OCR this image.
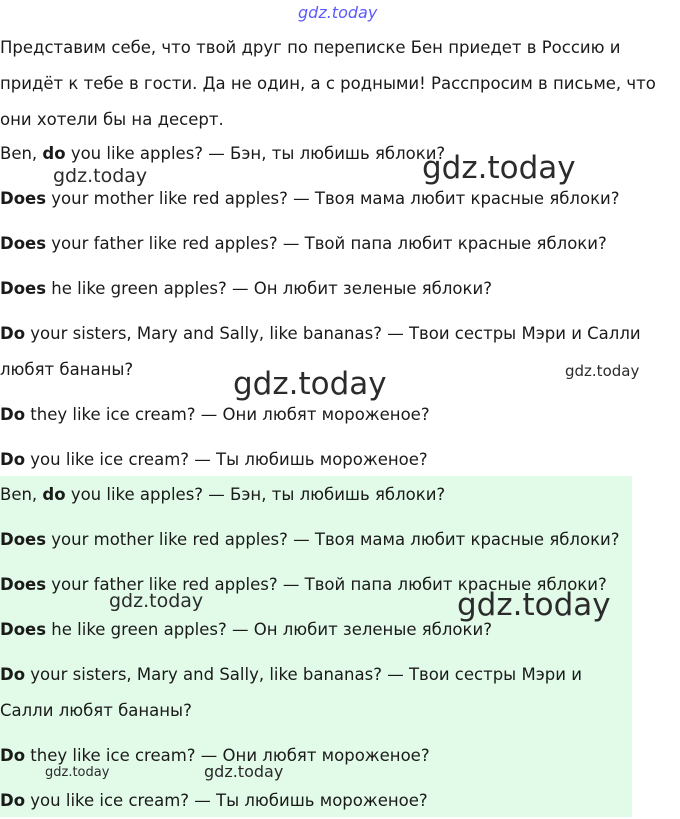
gdz.today

Представим себе, что твой друг по переписке Бен приедет в Россию и придёт к тебе в гости. Да не один, а с родными! Расспросим в письме, что они хотели бы на десерт.

Ben, do you like apples? — Бэн, ты любишь яблоки?

Does your mother like red apples? — Твоя мама любит красные яблоки?

Does your father like red apples? — Твой папа любит красные яблоки?

Does he like green apples? — Он любит зеленые яблоки?

Do your sisters, Mary and Sally, like bananas? — Твои сестры Мэри и Салли любят бананы?

Do they like ice cream? — Они любят мороженое?

Do you like ice cream? — Ты любишь мороженое?

Ben, do you like apples? — Бэн, ты любишь яблоки?

Does your mother like red apples? — Твоя мама любит красные яблоки?

Does your father like red apples? — Твой папа любит красные яблоки?

Does he like green apples? — Он любит зеленые яблоки?

Do your sisters, Mary and Sally, like bananas? — Твои сестры Мэри и Салли любят бананы?

Do they like ice cream? — Они любят мороженое?

Do you like ice cream? — Ты любишь мороженое?

gdz.today	gdz.today
gdz.today	gdz.today
gdz.today	gdz.today
gdz.today	gdz.today
